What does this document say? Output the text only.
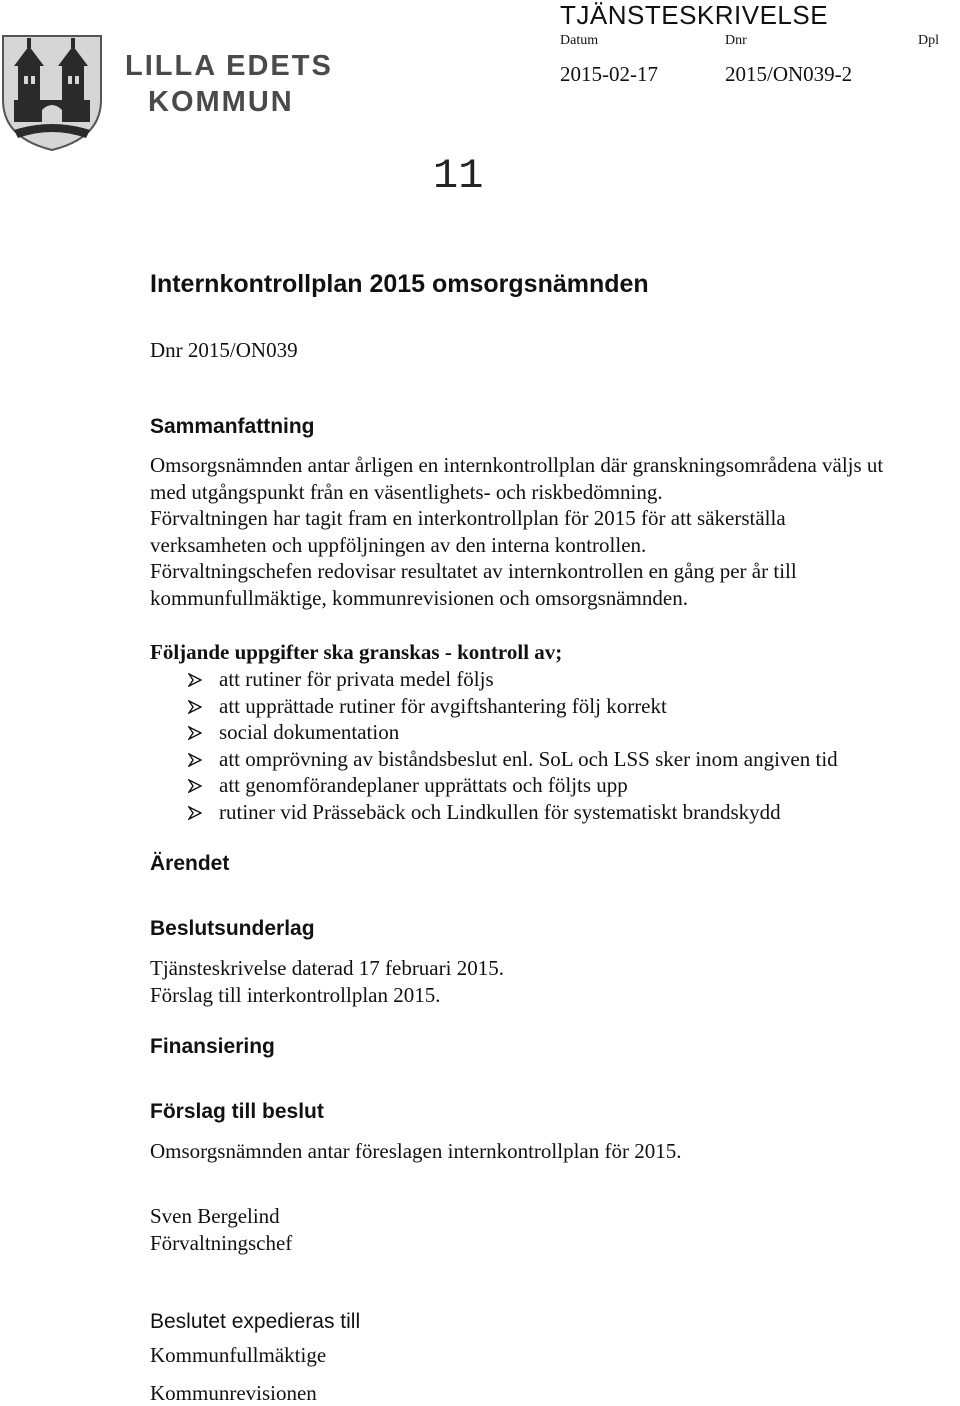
TJÄNSTESKRIVELSE
Datum	Dnr	Dpl
2015-02-17	2015/ON039-2
LILLA EDETS
KOMMUN
11
Internkontrollplan 2015 omsorgsnämnden
Dnr 2015/ON039
Sammanfattning

Omsorgsnämnden antar årligen en internkontrollplan där granskningsområdena väljs ut
med utgångspunkt från en väsentlighets- och riskbedömning.
Förvaltningen har tagit fram en interkontrollplan för 2015 för att säkerställa
verksamheten och uppföljningen av den interna kontrollen.
Förvaltningschefen redovisar resultatet av internkontrollen en gång per år till
kommunfullmäktige, kommunrevisionen och omsorgsnämnden.

Följande uppgifter ska granskas - kontroll av;
att rutiner för privata medel följs
att upprättade rutiner för avgiftshantering följ korrekt
social dokumentation
att omprövning av biståndsbeslut enl. SoL och LSS sker inom angiven tid
att genomförandeplaner upprättats och följts upp
rutiner vid Prässebäck och Lindkullen för systematiskt brandskydd
Ärendet
Beslutsunderlag
Tjänsteskrivelse daterad 17 februari 2015.
Förslag till interkontrollplan 2015.
Finansiering
Förslag till beslut
Omsorgsnämnden antar föreslagen internkontrollplan för 2015.
Sven Bergelind
Förvaltningschef
Beslutet expedieras till
Kommunfullmäktige
Kommunrevisionen
